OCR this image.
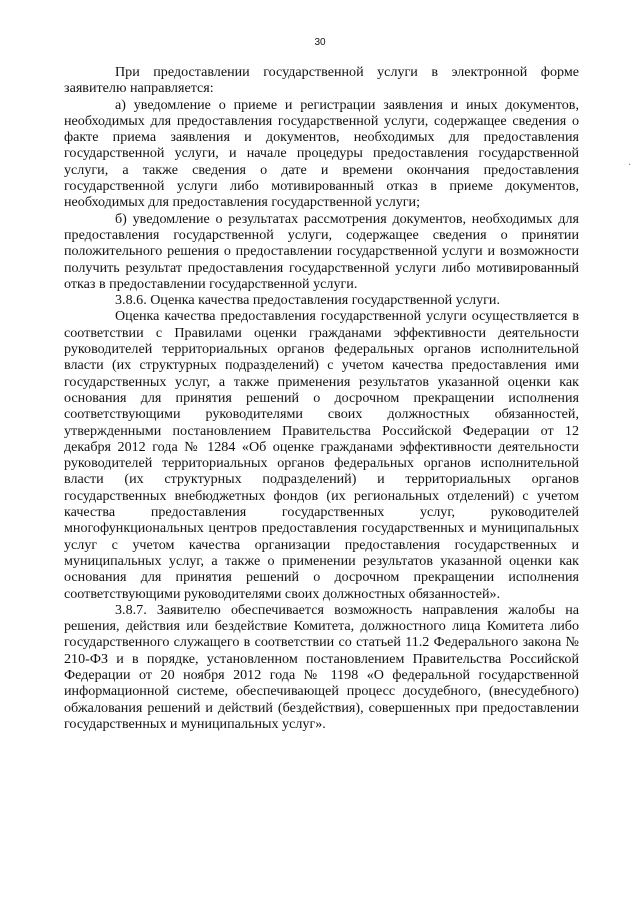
30

При предоставлении государственной услуги в электронной форме заявителю направляется:

а) уведомление о приеме и регистрации заявления и иных документов, необходимых для предоставления государственной услуги, содержащее сведения о факте приема заявления и документов, необходимых для предоставления государственной услуги, и начале процедуры предоставления государственной услуги, а также сведения о дате и времени окончания предоставления государственной услуги либо мотивированный отказ в приеме документов, необходимых для предоставления государственной услуги;

б) уведомление о результатах рассмотрения документов, необходимых для предоставления государственной услуги, содержащее сведения о принятии положительного решения о предоставлении государственной услуги и возможности получить результат предоставления государственной услуги либо мотивированный отказ в предоставлении государственной услуги.

3.8.6. Оценка качества предоставления государственной услуги.

Оценка качества предоставления государственной услуги осуществляется в соответствии с Правилами оценки гражданами эффективности деятельности руководителей территориальных органов федеральных органов исполнительной власти (их структурных подразделений) с учетом качества предоставления ими государственных услуг, а также применения результатов указанной оценки как основания для принятия решений о досрочном прекращении исполнения соответствующими руководителями своих должностных обязанностей, утвержденными постановлением Правительства Российской Федерации от 12 декабря 2012 года № 1284 «Об оценке гражданами эффективности деятельности руководителей территориальных органов федеральных органов исполнительной власти (их структурных подразделений) и территориальных органов государственных внебюджетных фондов (их региональных отделений) с учетом качества предоставления государственных услуг, руководителей многофункциональных центров предоставления государственных и муниципальных услуг с учетом качества организации предоставления государственных и муниципальных услуг, а также о применении результатов указанной оценки как основания для принятия решений о досрочном прекращении исполнения соответствующими руководителями своих должностных обязанностей».

3.8.7. Заявителю обеспечивается возможность направления жалобы на решения, действия или бездействие Комитета, должностного лица Комитета либо государственного служащего в соответствии со статьей 11.2 Федерального закона № 210-ФЗ и в порядке, установленном постановлением Правительства Российской Федерации от 20 ноября 2012 года № 1198 «О федеральной государственной информационной системе, обеспечивающей процесс досудебного, (внесудебного) обжалования решений и действий (бездействия), совершенных при предоставлении государственных и муниципальных услуг».

·
